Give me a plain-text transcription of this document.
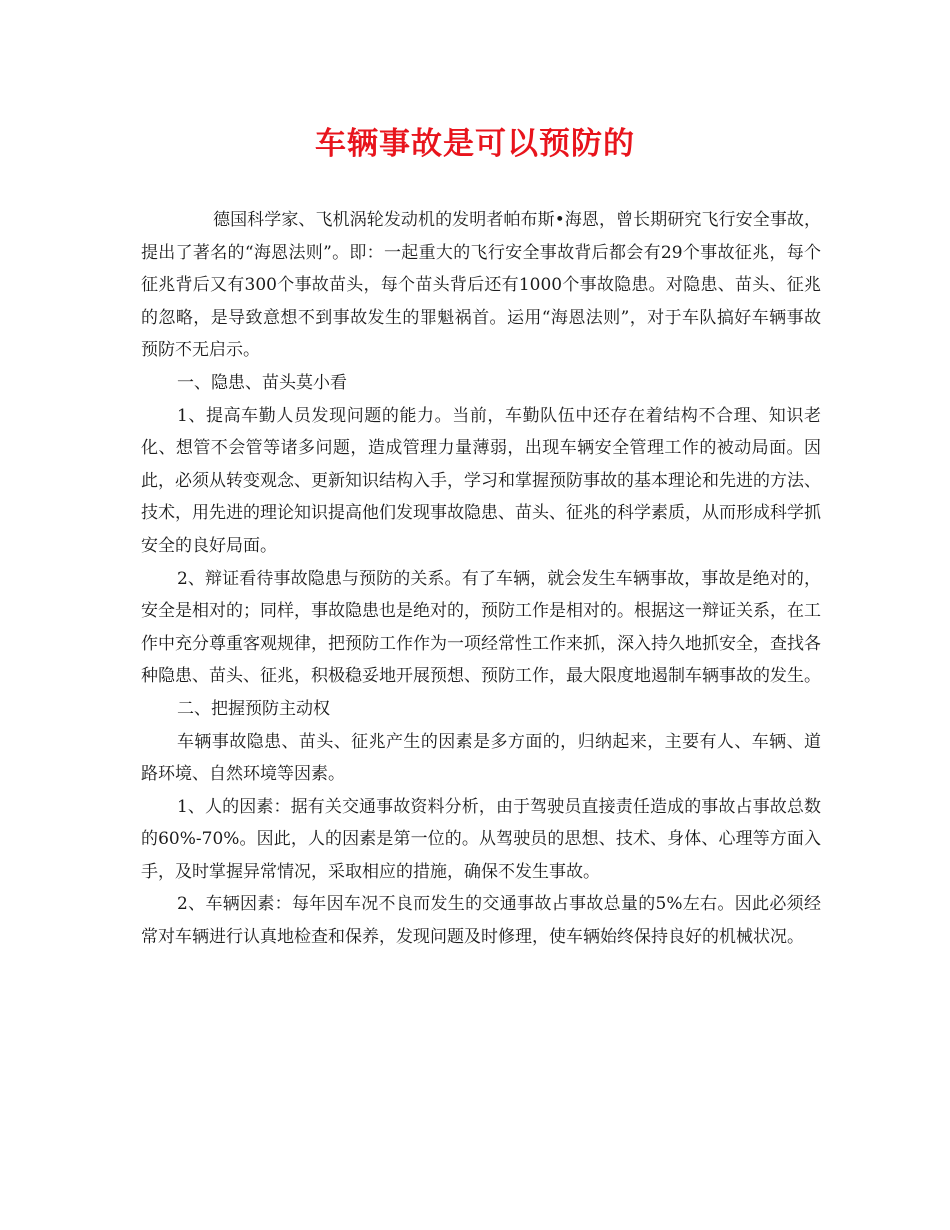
车辆事故是可以预防的

德国科学家、飞机涡轮发动机的发明者帕布斯•海恩，曾长期研究飞行安全事故，提出了著名的“海恩法则”。即：一起重大的飞行安全事故背后都会有29个事故征兆，每个征兆背后又有300个事故苗头，每个苗头背后还有1000个事故隐患。对隐患、苗头、征兆的忽略，是导致意想不到事故发生的罪魁祸首。运用“海恩法则”，对于车队搞好车辆事故预防不无启示。

一、隐患、苗头莫小看

1、提高车勤人员发现问题的能力。当前，车勤队伍中还存在着结构不合理、知识老化、想管不会管等诸多问题，造成管理力量薄弱，出现车辆安全管理工作的被动局面。因此，必须从转变观念、更新知识结构入手，学习和掌握预防事故的基本理论和先进的方法、技术，用先进的理论知识提高他们发现事故隐患、苗头、征兆的科学素质，从而形成科学抓安全的良好局面。

2、辩证看待事故隐患与预防的关系。有了车辆，就会发生车辆事故，事故是绝对的，安全是相对的；同样，事故隐患也是绝对的，预防工作是相对的。根据这一辩证关系，在工作中充分尊重客观规律，把预防工作作为一项经常性工作来抓，深入持久地抓安全，查找各种隐患、苗头、征兆，积极稳妥地开展预想、预防工作，最大限度地遏制车辆事故的发生。

二、把握预防主动权

车辆事故隐患、苗头、征兆产生的因素是多方面的，归纳起来，主要有人、车辆、道路环境、自然环境等因素。

1、人的因素：据有关交通事故资料分析，由于驾驶员直接责任造成的事故占事故总数的60%-70%。因此，人的因素是第一位的。从驾驶员的思想、技术、身体、心理等方面入手，及时掌握异常情况，采取相应的措施，确保不发生事故。

2、车辆因素：每年因车况不良而发生的交通事故占事故总量的5%左右。因此必须经常对车辆进行认真地检查和保养，发现问题及时修理，使车辆始终保持良好的机械状况。
